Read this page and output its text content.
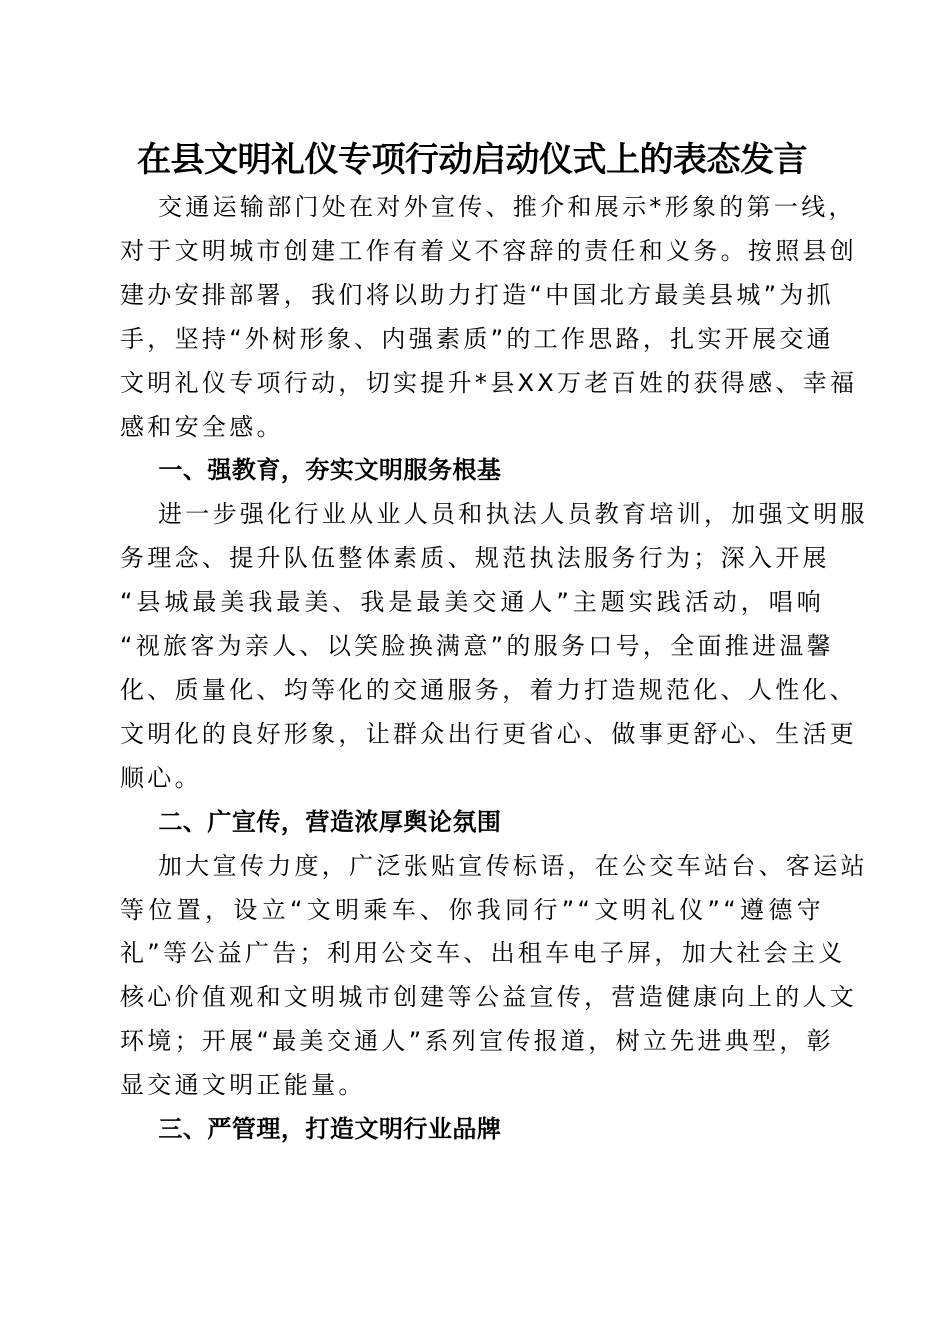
在县文明礼仪专项行动启动仪式上的表态发言
交通运输部门处在对外宣传、推介和展示*形象的第一线，
对于文明城市创建工作有着义不容辞的责任和义务。按照县创
建办安排部署，我们将以助力打造“中国北方最美县城”为抓
手，坚持“外树形象、内强素质”的工作思路，扎实开展交通
文明礼仪专项行动，切实提升*县XX万老百姓的获得感、幸福
感和安全感。
一、强教育，夯实文明服务根基
进一步强化行业从业人员和执法人员教育培训，加强文明服
务理念、提升队伍整体素质、规范执法服务行为；深入开展
“县城最美我最美、我是最美交通人”主题实践活动，唱响
“视旅客为亲人、以笑脸换满意”的服务口号，全面推进温馨
化、质量化、均等化的交通服务，着力打造规范化、人性化、
文明化的良好形象，让群众出行更省心、做事更舒心、生活更
顺心。
二、广宣传，营造浓厚舆论氛围
加大宣传力度，广泛张贴宣传标语，在公交车站台、客运站
等位置，设立“文明乘车、你我同行”“文明礼仪”“遵德守
礼”等公益广告；利用公交车、出租车电子屏，加大社会主义
核心价值观和文明城市创建等公益宣传，营造健康向上的人文
环境；开展“最美交通人”系列宣传报道，树立先进典型，彰
显交通文明正能量。
三、严管理，打造文明行业品牌
